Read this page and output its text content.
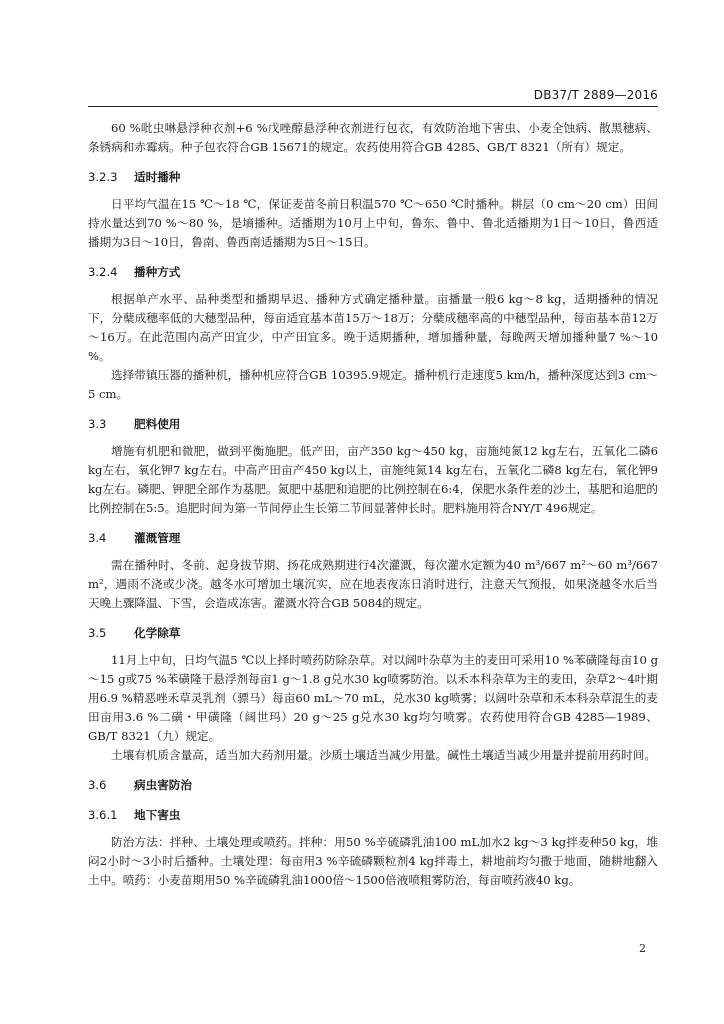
DB37/T 2889—2016

60 %吡虫啉悬浮种衣剂+6 %戊唑醇悬浮种衣剂进行包衣，有效防治地下害虫、小麦全蚀病、散黑穗病、条锈病和赤霉病。种子包衣符合GB 15671的规定。农药使用符合GB 4285、GB/T 8321（所有）规定。

3.2.3 适时播种

日平均气温在15 ℃～18 ℃，保证麦苗冬前日积温570 ℃～650 ℃时播种。耕层（0 cm～20 cm）田间持水量达到70 %～80 %，是墒播种。适播期为10月上中旬，鲁东、鲁中、鲁北适播期为1日～10日，鲁西适播期为3日～10日，鲁南、鲁西南适播期为5日～15日。

3.2.4 播种方式

根据单产水平、品种类型和播期早迟、播种方式确定播种量。亩播量一般6 kg～8 kg，适期播种的情况下，分蘖成穗率低的大穗型品种，每亩适宜基本苗15万～18万；分蘖成穗率高的中穗型品种，每亩基本苗12万～16万。在此范围内高产田宜少，中产田宜多。晚于适期播种，增加播种量，每晚两天增加播种量7 %～10 %。

选择带镇压器的播种机，播种机应符合GB 10395.9规定。播种机行走速度5 km/h，播种深度达到3 cm～5 cm。

3.3 肥料使用

增施有机肥和微肥，做到平衡施肥。低产田，亩产350 kg～450 kg，亩施纯氮12 kg左右，五氧化二磷6 kg左右，氧化钾7 kg左右。中高产田亩产450 kg以上，亩施纯氮14 kg左右，五氧化二磷8 kg左右，氧化钾9 kg左右。磷肥、钾肥全部作为基肥。氮肥中基肥和追肥的比例控制在6:4，保肥水条件差的沙土，基肥和追肥的比例控制在5:5。追肥时间为第一节间停止生长第二节间显著伸长时。肥料施用符合NY/T 496规定。

3.4 灌溉管理

需在播种时、冬前、起身拔节期、扬花成熟期进行4次灌溉，每次灌水定额为40 m³/667 m²～60 m³/667 m²，遇雨不浇或少浇。越冬水可增加土壤沉实，应在地表夜冻日消时进行，注意天气预报，如果浇越冬水后当天晚上骤降温、下雪，会造成冻害。灌溉水符合GB 5084的规定。

3.5 化学除草

11月上中旬，日均气温5 ℃以上择时喷药防除杂草。对以阔叶杂草为主的麦田可采用10 %苯磺隆每亩10 g～15 g或75 %苯磺隆干悬浮剂每亩1 g～1.8 g兑水30 kg喷雾防治。以禾本科杂草为主的麦田，杂草2～4叶期用6.9 %精恶唑禾草灵乳剂（骠马）每亩60 mL～70 mL，兑水30 kg喷雾；以阔叶杂草和禾本科杂草混生的麦田亩用3.6 %二磺・甲磺隆（阔世玛）20 g～25 g兑水30 kg均匀喷雾。农药使用符合GB 4285—1989、GB/T 8321（九）规定。

土壤有机质含量高，适当加大药剂用量。沙质土壤适当减少用量。碱性土壤适当减少用量并提前用药时间。

3.6 病虫害防治
3.6.1 地下害虫

防治方法：拌种、土壤处理或喷药。拌种：用50 %辛硫磷乳油100 mL加水2 kg～3 kg拌麦种50 kg，堆闷2小时～3小时后播种。土壤处理：每亩用3 %辛硫磷颗粒剂4 kg拌毒土，耕地前均匀撒于地面，随耕地翻入土中。喷药：小麦苗期用50 %辛硫磷乳油1000倍～1500倍液喷粗雾防治，每亩喷药液40 kg。

2
